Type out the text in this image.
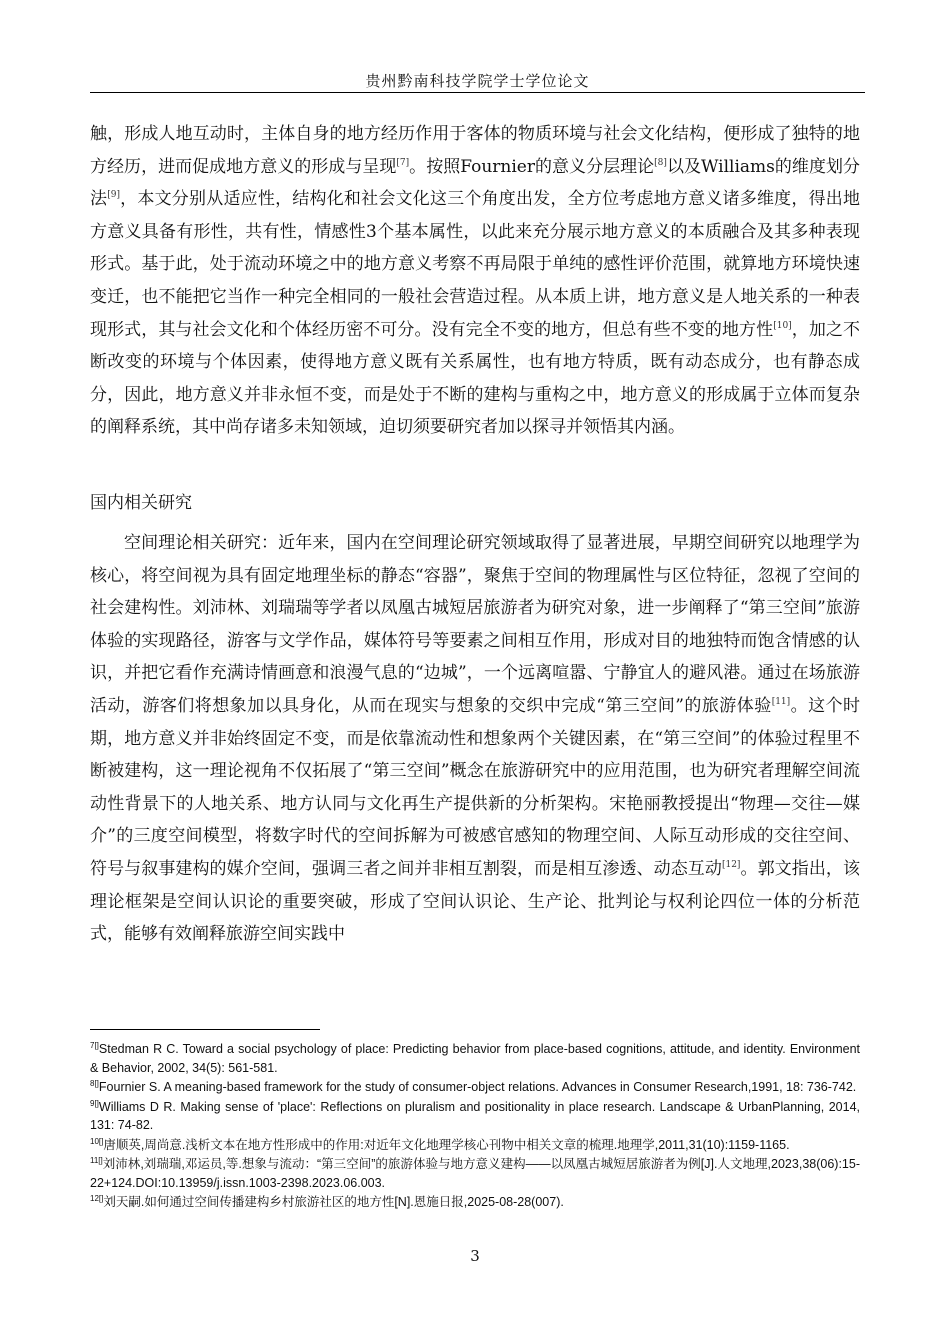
贵州黔南科技学院学士学位论文

触，形成人地互动时，主体自身的地方经历作用于客体的物质环境与社会文化结构，便形成了独特的地方经历，进而促成地方意义的形成与呈现[7]。按照Fournier的意义分层理论[8]以及Williams的维度划分法[9]，本文分别从适应性，结构化和社会文化这三个角度出发，全方位考虑地方意义诸多维度，得出地方意义具备有形性，共有性，情感性3个基本属性，以此来充分展示地方意义的本质融合及其多种表现形式。基于此，处于流动环境之中的地方意义考察不再局限于单纯的感性评价范围，就算地方环境快速变迁，也不能把它当作一种完全相同的一般社会营造过程。从本质上讲，地方意义是人地关系的一种表现形式，其与社会文化和个体经历密不可分。没有完全不变的地方，但总有些不变的地方性[10]，加之不断改变的环境与个体因素，使得地方意义既有关系属性，也有地方特质，既有动态成分，也有静态成分，因此，地方意义并非永恒不变，而是处于不断的建构与重构之中，地方意义的形成属于立体而复杂的阐释系统，其中尚存诸多未知领域，迫切须要研究者加以探寻并领悟其内涵。

国内相关研究

空间理论相关研究：近年来，国内在空间理论研究领域取得了显著进展，早期空间研究以地理学为核心，将空间视为具有固定地理坐标的静态“容器”，聚焦于空间的物理属性与区位特征，忽视了空间的社会建构性。刘沛林、刘瑞瑞等学者以凤凰古城短居旅游者为研究对象，进一步阐释了“第三空间”旅游体验的实现路径，游客与文学作品，媒体符号等要素之间相互作用，形成对目的地独特而饱含情感的认识，并把它看作充满诗情画意和浪漫气息的“边城”，一个远离喧嚣、宁静宜人的避风港。通过在场旅游活动，游客们将想象加以具身化，从而在现实与想象的交织中完成“第三空间”的旅游体验[11]。这个时期，地方意义并非始终固定不变，而是依靠流动性和想象两个关键因素，在“第三空间”的体验过程里不断被建构，这一理论视角不仅拓展了“第三空间”概念在旅游研究中的应用范围，也为研究者理解空间流动性背景下的人地关系、地方认同与文化再生产提供新的分析架构。宋艳丽教授提出“物理—交往—媒介”的三度空间模型，将数字时代的空间拆解为可被感官感知的物理空间、人际互动形成的交往空间、符号与叙事建构的媒介空间，强调三者之间并非相互割裂，而是相互渗透、动态互动[12]。郭文指出，该理论框架是空间认识论的重要突破，形成了空间认识论、生产论、批判论与权利论四位一体的分析范式，能够有效阐释旅游空间实践中

$^{7[]}$Stedman R C. Toward a social psychology of place: Predicting behavior from place-based cognitions, attitude, and identity. Environment & Behavior, 2002, 34(5): 561-581.

$^{8[]}$Fournier S. A meaning-based framework for the study of consumer-object relations. Advances in Consumer Research,1991, 18: 736-742.

$^{9[]}$Williams D R. Making sense of 'place': Reflections on pluralism and positionality in place research. Landscape & UrbanPlanning, 2014, 131: 74-82.

$^{10[]}$唐顺英,周尚意.浅析文本在地方性形成中的作用:对近年文化地理学核心刊物中相关文章的梳理.地理学,2011,31(10):1159-1165.

$^{11[]}$刘沛林,刘瑞瑞,邓运员,等.想象与流动：“第三空间”的旅游体验与地方意义建构——以凤凰古城短居旅游者为例[J].人文地理,2023,38(06):15-22+124.DOI:10.13959/j.issn.1003-2398.2023.06.003.

$^{12[]}$刘天嗣.如何通过空间传播建构乡村旅游社区的地方性[N].恩施日报,2025-08-28(007).

3
